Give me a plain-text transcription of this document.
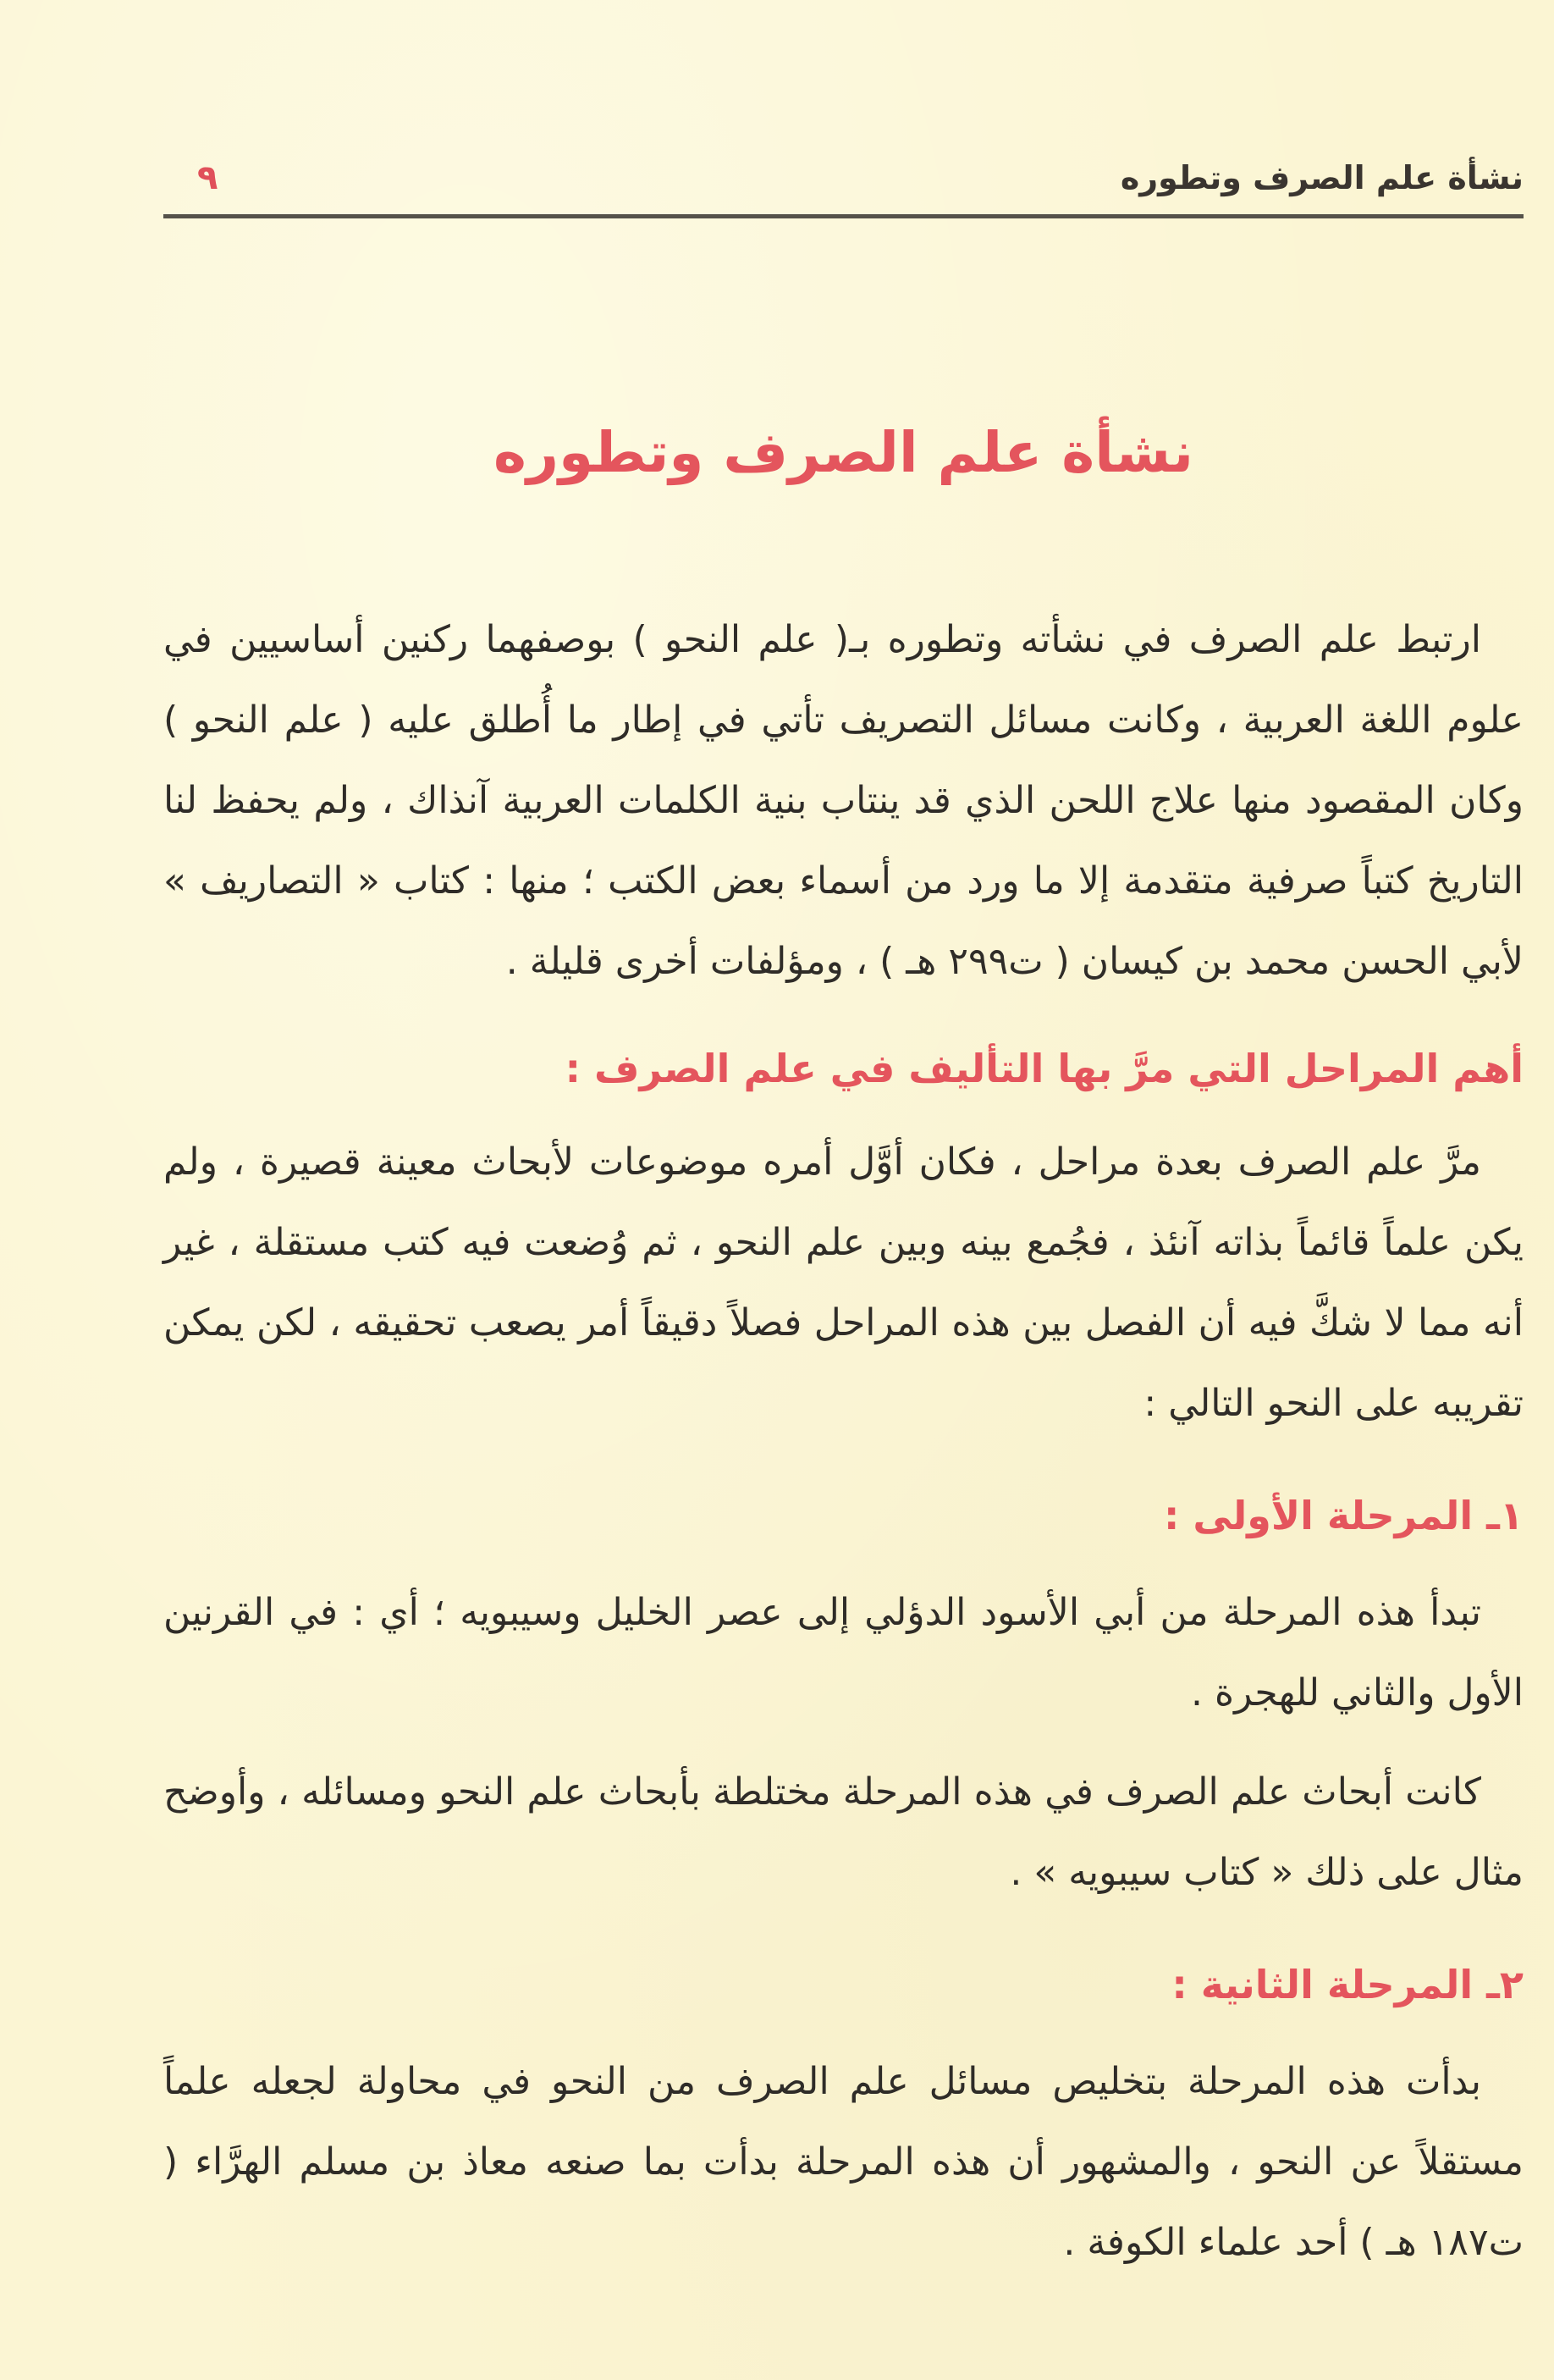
نشأة علم الصرف وتطوره
٩
نشأة علم الصرف وتطوره

ارتبط علم الصرف في نشأته وتطوره بـ( علم النحو ) بوصفهما ركنين أساسيين في علوم اللغة العربية ، وكانت مسائل التصريف تأتي في إطار ما أُطلق عليه ( علم النحو ) وكان المقصود منها علاج اللحن الذي قد ينتاب بنية الكلمات العربية آنذاك ، ولم يحفظ لنا التاريخ كتباً صرفية متقدمة إلا ما ورد من أسماء بعض الكتب ؛ منها : كتاب « التصاريف » لأبي الحسن محمد بن كيسان ( ت٢٩٩ هـ ) ، ومؤلفات أخرى قليلة .

أهم المراحل التي مرَّ بها التأليف في علم الصرف :

مرَّ علم الصرف بعدة مراحل ، فكان أوَّل أمره موضوعات لأبحاث معينة قصيرة ، ولم يكن علماً قائماً بذاته آنئذ ، فجُمع بينه وبين علم النحو ، ثم وُضعت فيه كتب مستقلة ، غير أنه مما لا شكَّ فيه أن الفصل بين هذه المراحل فصلاً دقيقاً أمر يصعب تحقيقه ، لكن يمكن تقريبه على النحو التالي :

١ـ المرحلة الأولى :

تبدأ هذه المرحلة من أبي الأسود الدؤلي إلى عصر الخليل وسيبويه ؛ أي : في القرنين الأول والثاني للهجرة .

كانت أبحاث علم الصرف في هذه المرحلة مختلطة بأبحاث علم النحو ومسائله ، وأوضح مثال على ذلك « كتاب سيبويه » .

٢ـ المرحلة الثانية :

بدأت هذه المرحلة بتخليص مسائل علم الصرف من النحو في محاولة لجعله علماً مستقلاً عن النحو ، والمشهور أن هذه المرحلة بدأت بما صنعه معاذ بن مسلم الهرَّاء ( ت١٨٧ هـ ) أحد علماء الكوفة .
